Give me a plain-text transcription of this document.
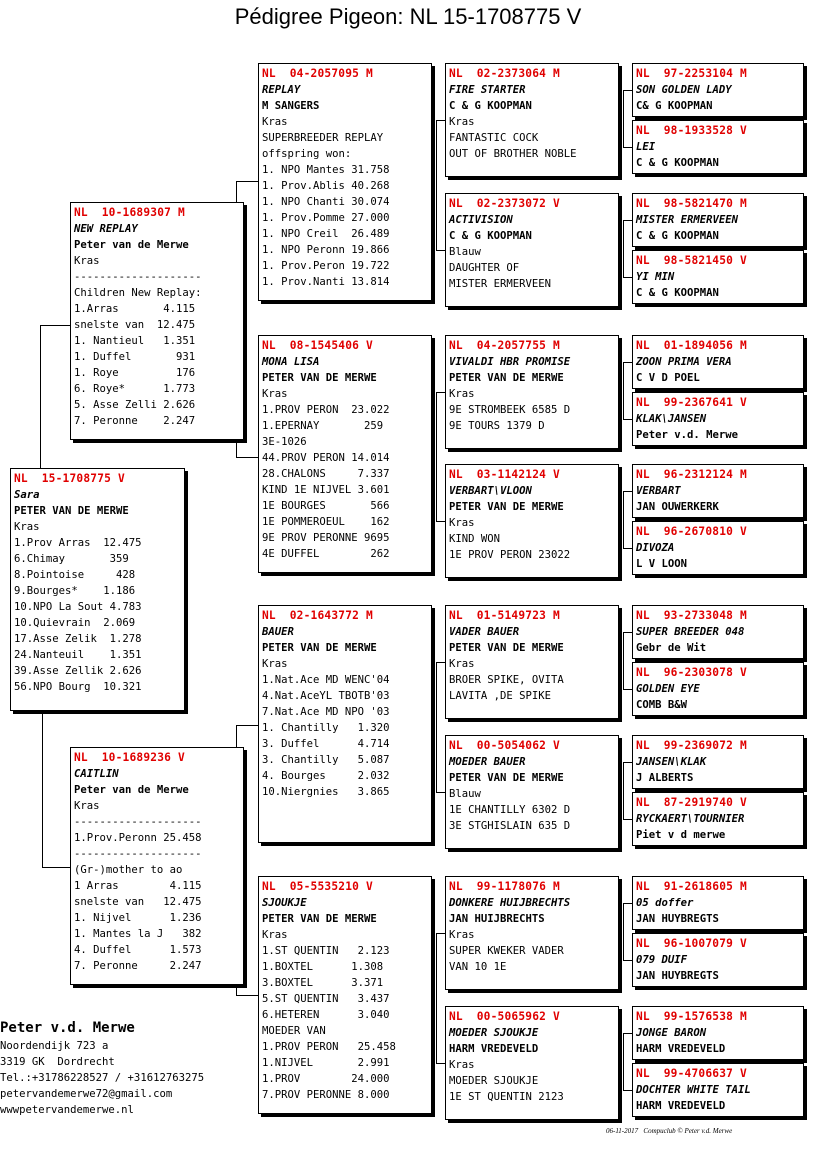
Pédigree Pigeon: NL 15-1708775 V
NL  15-1708775 V
Sara
PETER VAN DE MERWE
Kras
1.Prov Arras  12.475
6.Chimay       359
8.Pointoise     428
9.Bourges*    1.186
10.NPO La Sout 4.783
10.Quievrain  2.069
17.Asse Zelik  1.278
24.Nanteuil    1.351
39.Asse Zellik 2.626
56.NPO Bourg  10.321
NL  10-1689307 M
NEW REPLAY
Peter van de Merwe
Kras
--------------------
Children New Replay:
1.Arras       4.115
snelste van  12.475
1. Nantieul   1.351
1. Duffel       931
1. Roye         176
6. Roye*      1.773
5. Asse Zelli 2.626
7. Peronne    2.247
NL  10-1689236 V
CAITLIN
Peter van de Merwe
Kras
--------------------
1.Prov.Peronn 25.458
--------------------
(Gr-)mother to ao
1 Arras        4.115
snelste van   12.475
1. Nijvel      1.236
1. Mantes la J   382
4. Duffel      1.573
7. Peronne     2.247
NL  04-2057095 M
REPLAY
M SANGERS
Kras
SUPERBREEDER REPLAY
offspring won:
1. NPO Mantes 31.758
1. Prov.Ablis 40.268
1. NPO Chanti 30.074
1. Prov.Pomme 27.000
1. NPO Creil  26.489
1. NPO Peronn 19.866
1. Prov.Peron 19.722
1. Prov.Nanti 13.814
NL  08-1545406 V
MONA LISA
PETER VAN DE MERWE
Kras
1.PROV PERON  23.022
1.EPERNAY       259
3E-1026
44.PROV PERON 14.014
28.CHALONS     7.337
KIND 1E NIJVEL 3.601
1E BOURGES       566
1E POMMEROEUL    162
9E PROV PERONNE 9695
4E DUFFEL        262
NL  02-1643772 M
BAUER
PETER VAN DE MERWE
Kras
1.Nat.Ace MD WENC'04
4.Nat.AceYL TBOTB'03
7.Nat.Ace MD NPO '03
1. Chantilly   1.320
3. Duffel      4.714
3. Chantilly   5.087
4. Bourges     2.032
10.Niergnies   3.865
NL  05-5535210 V
SJOUKJE
PETER VAN DE MERWE
Kras
1.ST QUENTIN   2.123
1.BOXTEL      1.308
3.BOXTEL      3.371
5.ST QUENTIN   3.437
6.HETEREN      3.040
MOEDER VAN
1.PROV PERON   25.458
1.NIJVEL       2.991
1.PROV        24.000
7.PROV PERONNE 8.000
NL  02-2373064 M
FIRE STARTER
C & G KOOPMAN
Kras
FANTASTIC COCK
OUT OF BROTHER NOBLE
NL  02-2373072 V
ACTIVISION
C & G KOOPMAN
Blauw
DAUGHTER OF
MISTER ERMERVEEN
NL  04-2057755 M
VIVALDI HBR PROMISE
PETER VAN DE MERWE
Kras
9E STROMBEEK 6585 D
9E TOURS 1379 D
NL  03-1142124 V
VERBART\VLOON
PETER VAN DE MERWE
Kras
KIND WON
1E PROV PERON 23022
NL  01-5149723 M
VADER BAUER
PETER VAN DE MERWE
Kras
BROER SPIKE, OVITA
LAVITA ,DE SPIKE
NL  00-5054062 V
MOEDER BAUER
PETER VAN DE MERWE
Blauw
1E CHANTILLY 6302 D
3E STGHISLAIN 635 D
NL  99-1178076 M
DONKERE HUIJBRECHTS
JAN HUIJBRECHTS
Kras
SUPER KWEKER VADER
VAN 10 1E
NL  00-5065962 V
MOEDER SJOUKJE
HARM VREDEVELD
Kras
MOEDER SJOUKJE
1E ST QUENTIN 2123
NL  97-2253104 M
SON GOLDEN LADY
C& G KOOPMAN
NL  98-1933528 V
LEI
C & G KOOPMAN
NL  98-5821470 M
MISTER ERMERVEEN
C & G KOOPMAN
NL  98-5821450 V
YI MIN
C & G KOOPMAN
NL  01-1894056 M
ZOON PRIMA VERA
C V D POEL
NL  99-2367641 V
KLAK\JANSEN
Peter v.d. Merwe
NL  96-2312124 M
VERBART
JAN OUWERKERK
NL  96-2670810 V
DIVOZA
L V LOON
NL  93-2733048 M
SUPER BREEDER 048
Gebr de Wit
NL  96-2303078 V
GOLDEN EYE
COMB B&W
NL  99-2369072 M
JANSEN\KLAK
J ALBERTS
NL  87-2919740 V
RYCKAERT\TOURNIER
Piet v d merwe
NL  91-2618605 M
05 doffer
JAN HUYBREGTS
NL  96-1007079 V
079 DUIF
JAN HUYBREGTS
NL  99-1576538 M
JONGE BARON
HARM VREDEVELD
NL  99-4706637 V
DOCHTER WHITE TAIL
HARM VREDEVELD
Peter v.d. Merwe
Noordendijk 723 a
3319 GK  Dordrecht
Tel.:+31786228527 / +31612763275
petervandemerwe72@gmail.com
wwwpetervandemerwe.nl
06-11-2017 Compuclub © Peter v.d. Merwe
